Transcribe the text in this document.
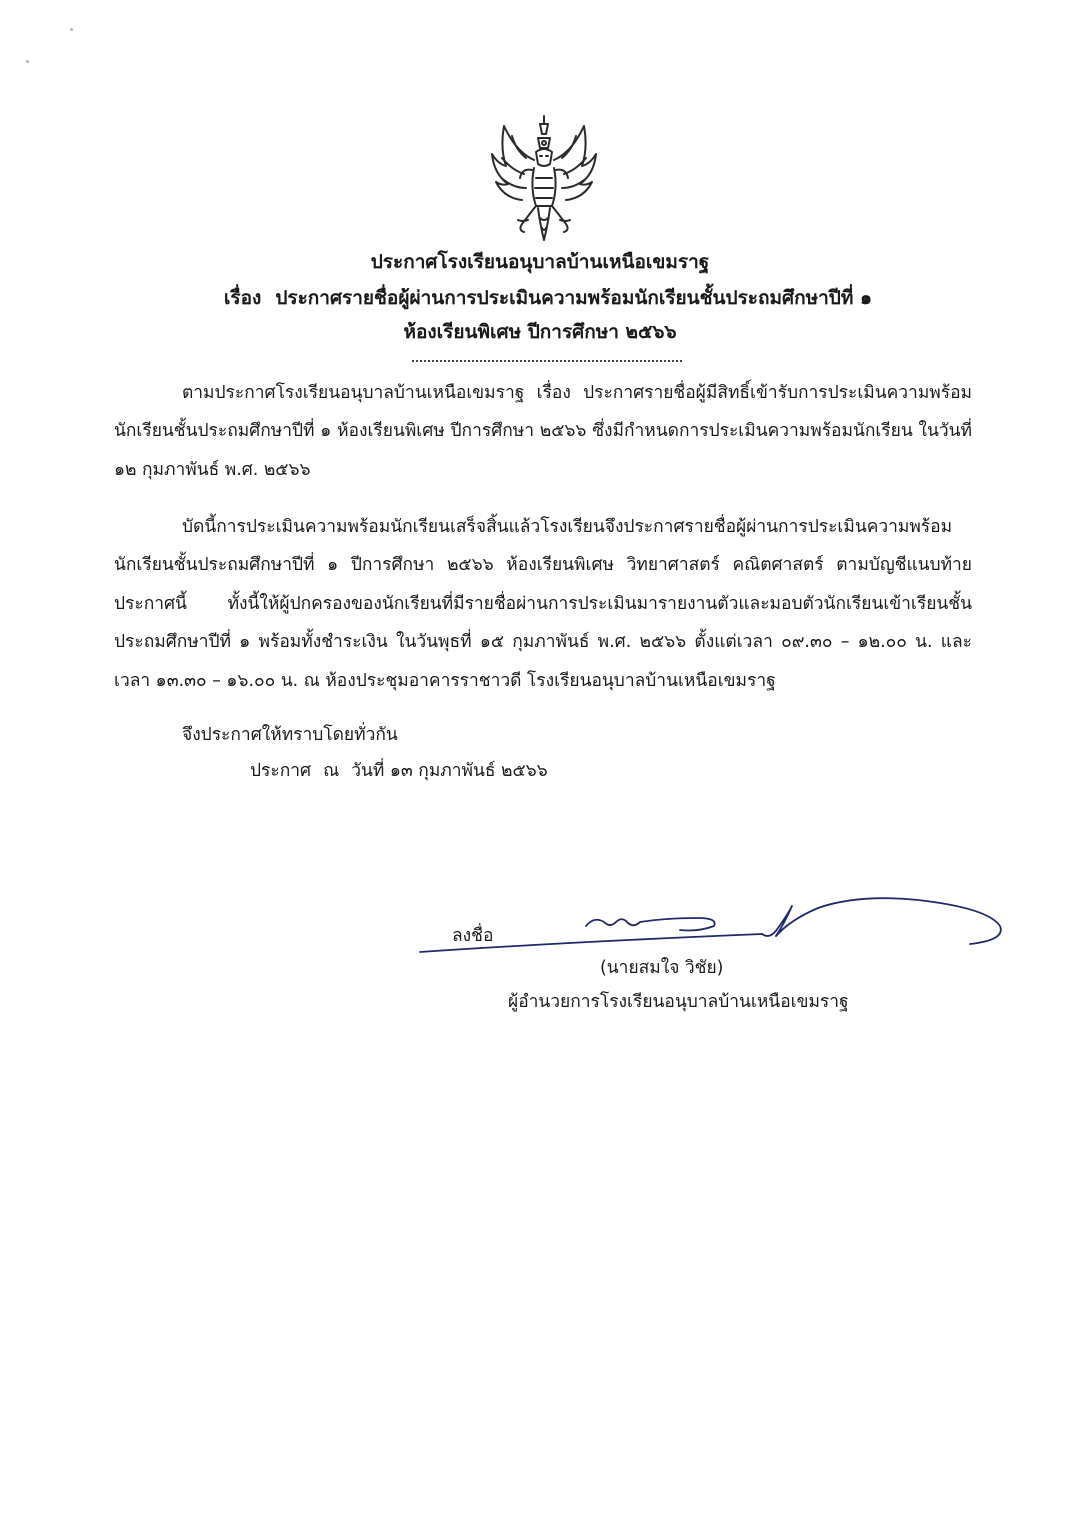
ประกาศโรงเรียนอนุบาลบ้านเหนือเขมราฐ
เรื่อง ประกาศรายชื่อผู้ผ่านการประเมินความพร้อมนักเรียนชั้นประถมศึกษาปีที่ ๑
ห้องเรียนพิเศษ ปีการศึกษา ๒๕๖๖
ตามประกาศโรงเรียนอนุบาลบ้านเหนือเขมราฐ เรื่อง ประกาศรายชื่อผู้มีสิทธิ์เข้ารับการประเมินความพร้อมนักเรียนชั้นประถมศึกษาปีที่ ๑ ห้องเรียนพิเศษ ปีการศึกษา ๒๕๖๖ ซึ่งมีกำหนดการประเมินความพร้อมนักเรียน ในวันที่ ๑๒ กุมภาพันธ์ พ.ศ. ๒๕๖๖
บัดนี้การประเมินความพร้อมนักเรียนเสร็จสิ้นแล้วโรงเรียนจึงประกาศรายชื่อผู้ผ่านการประเมินความพร้อมนักเรียนชั้นประถมศึกษาปีที่ ๑ ปีการศึกษา ๒๕๖๖ ห้องเรียนพิเศษ วิทยาศาสตร์ คณิตศาสตร์ ตามบัญชีแนบท้ายประกาศนี้ ทั้งนี้ให้ผู้ปกครองของนักเรียนที่มีรายชื่อผ่านการประเมินมารายงานตัวและมอบตัวนักเรียนเข้าเรียนชั้นประถมศึกษาปีที่ ๑ พร้อมทั้งชำระเงิน ในวันพุธที่ ๑๕ กุมภาพันธ์ พ.ศ. ๒๕๖๖ ตั้งแต่เวลา ๐๙.๓๐ – ๑๒.๐๐ น. และ เวลา ๑๓.๓๐ – ๑๖.๐๐ น. ณ ห้องประชุมอาคารราชาวดี โรงเรียนอนุบาลบ้านเหนือเขมราฐ
จึงประกาศให้ทราบโดยทั่วกัน
ประกาศ ณ วันที่ ๑๓ กุมภาพันธ์ ๒๕๖๖
ลงชื่อ
(นายสมใจ วิชัย)
ผู้อำนวยการโรงเรียนอนุบาลบ้านเหนือเขมราฐ
